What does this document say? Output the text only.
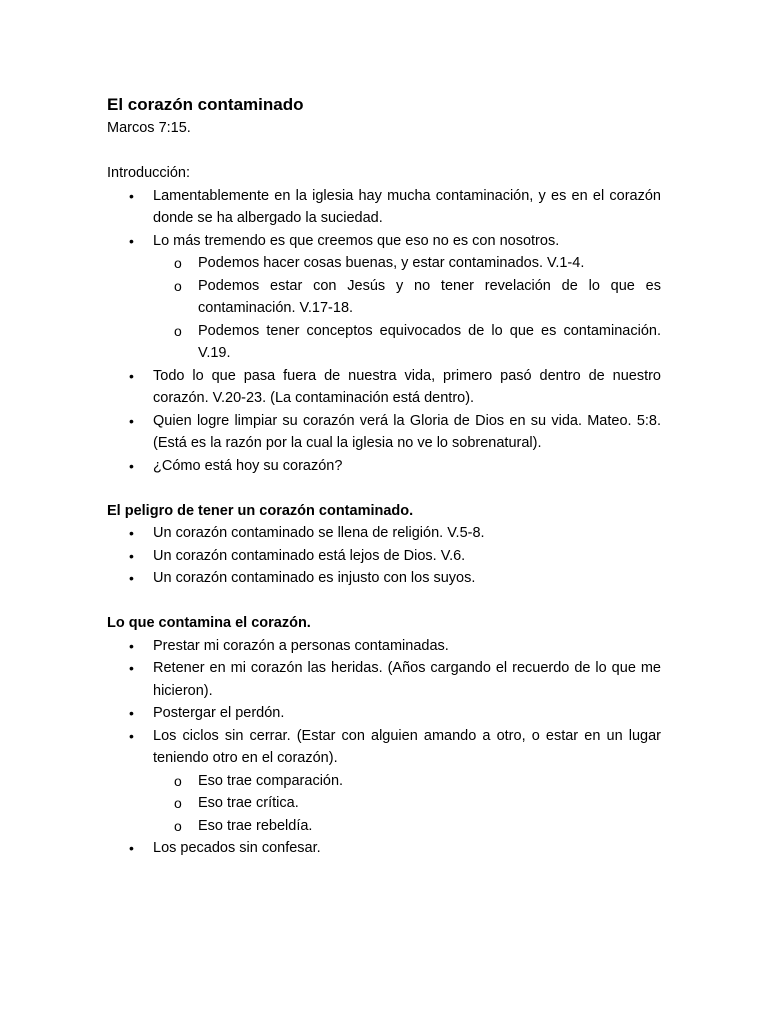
El corazón contaminado

Marcos 7:15.

Introducción:

• Lamentablemente en la iglesia hay mucha contaminación, y es en el corazón donde se ha albergado la suciedad.
• Lo más tremendo es que creemos que eso no es con nosotros.
o Podemos hacer cosas buenas, y estar contaminados. V.1-4.
o Podemos estar con Jesús y no tener revelación de lo que es contaminación. V.17-18.
o Podemos tener conceptos equivocados de lo que es contaminación. V.19.
• Todo lo que pasa fuera de nuestra vida, primero pasó dentro de nuestro corazón. V.20-23. (La contaminación está dentro).
• Quien logre limpiar su corazón verá la Gloria de Dios en su vida. Mateo. 5:8. (Está es la razón por la cual la iglesia no ve lo sobrenatural).
• ¿Cómo está hoy su corazón?

El peligro de tener un corazón contaminado.

• Un corazón contaminado se llena de religión. V.5-8.
• Un corazón contaminado está lejos de Dios. V.6.
• Un corazón contaminado es injusto con los suyos.

Lo que contamina el corazón.

• Prestar mi corazón a personas contaminadas.
• Retener en mi corazón las heridas. (Años cargando el recuerdo de lo que me hicieron).
• Postergar el perdón.
• Los ciclos sin cerrar. (Estar con alguien amando a otro, o estar en un lugar teniendo otro en el corazón).
o Eso trae comparación.
o Eso trae crítica.
o Eso trae rebeldía.
• Los pecados sin confesar.
